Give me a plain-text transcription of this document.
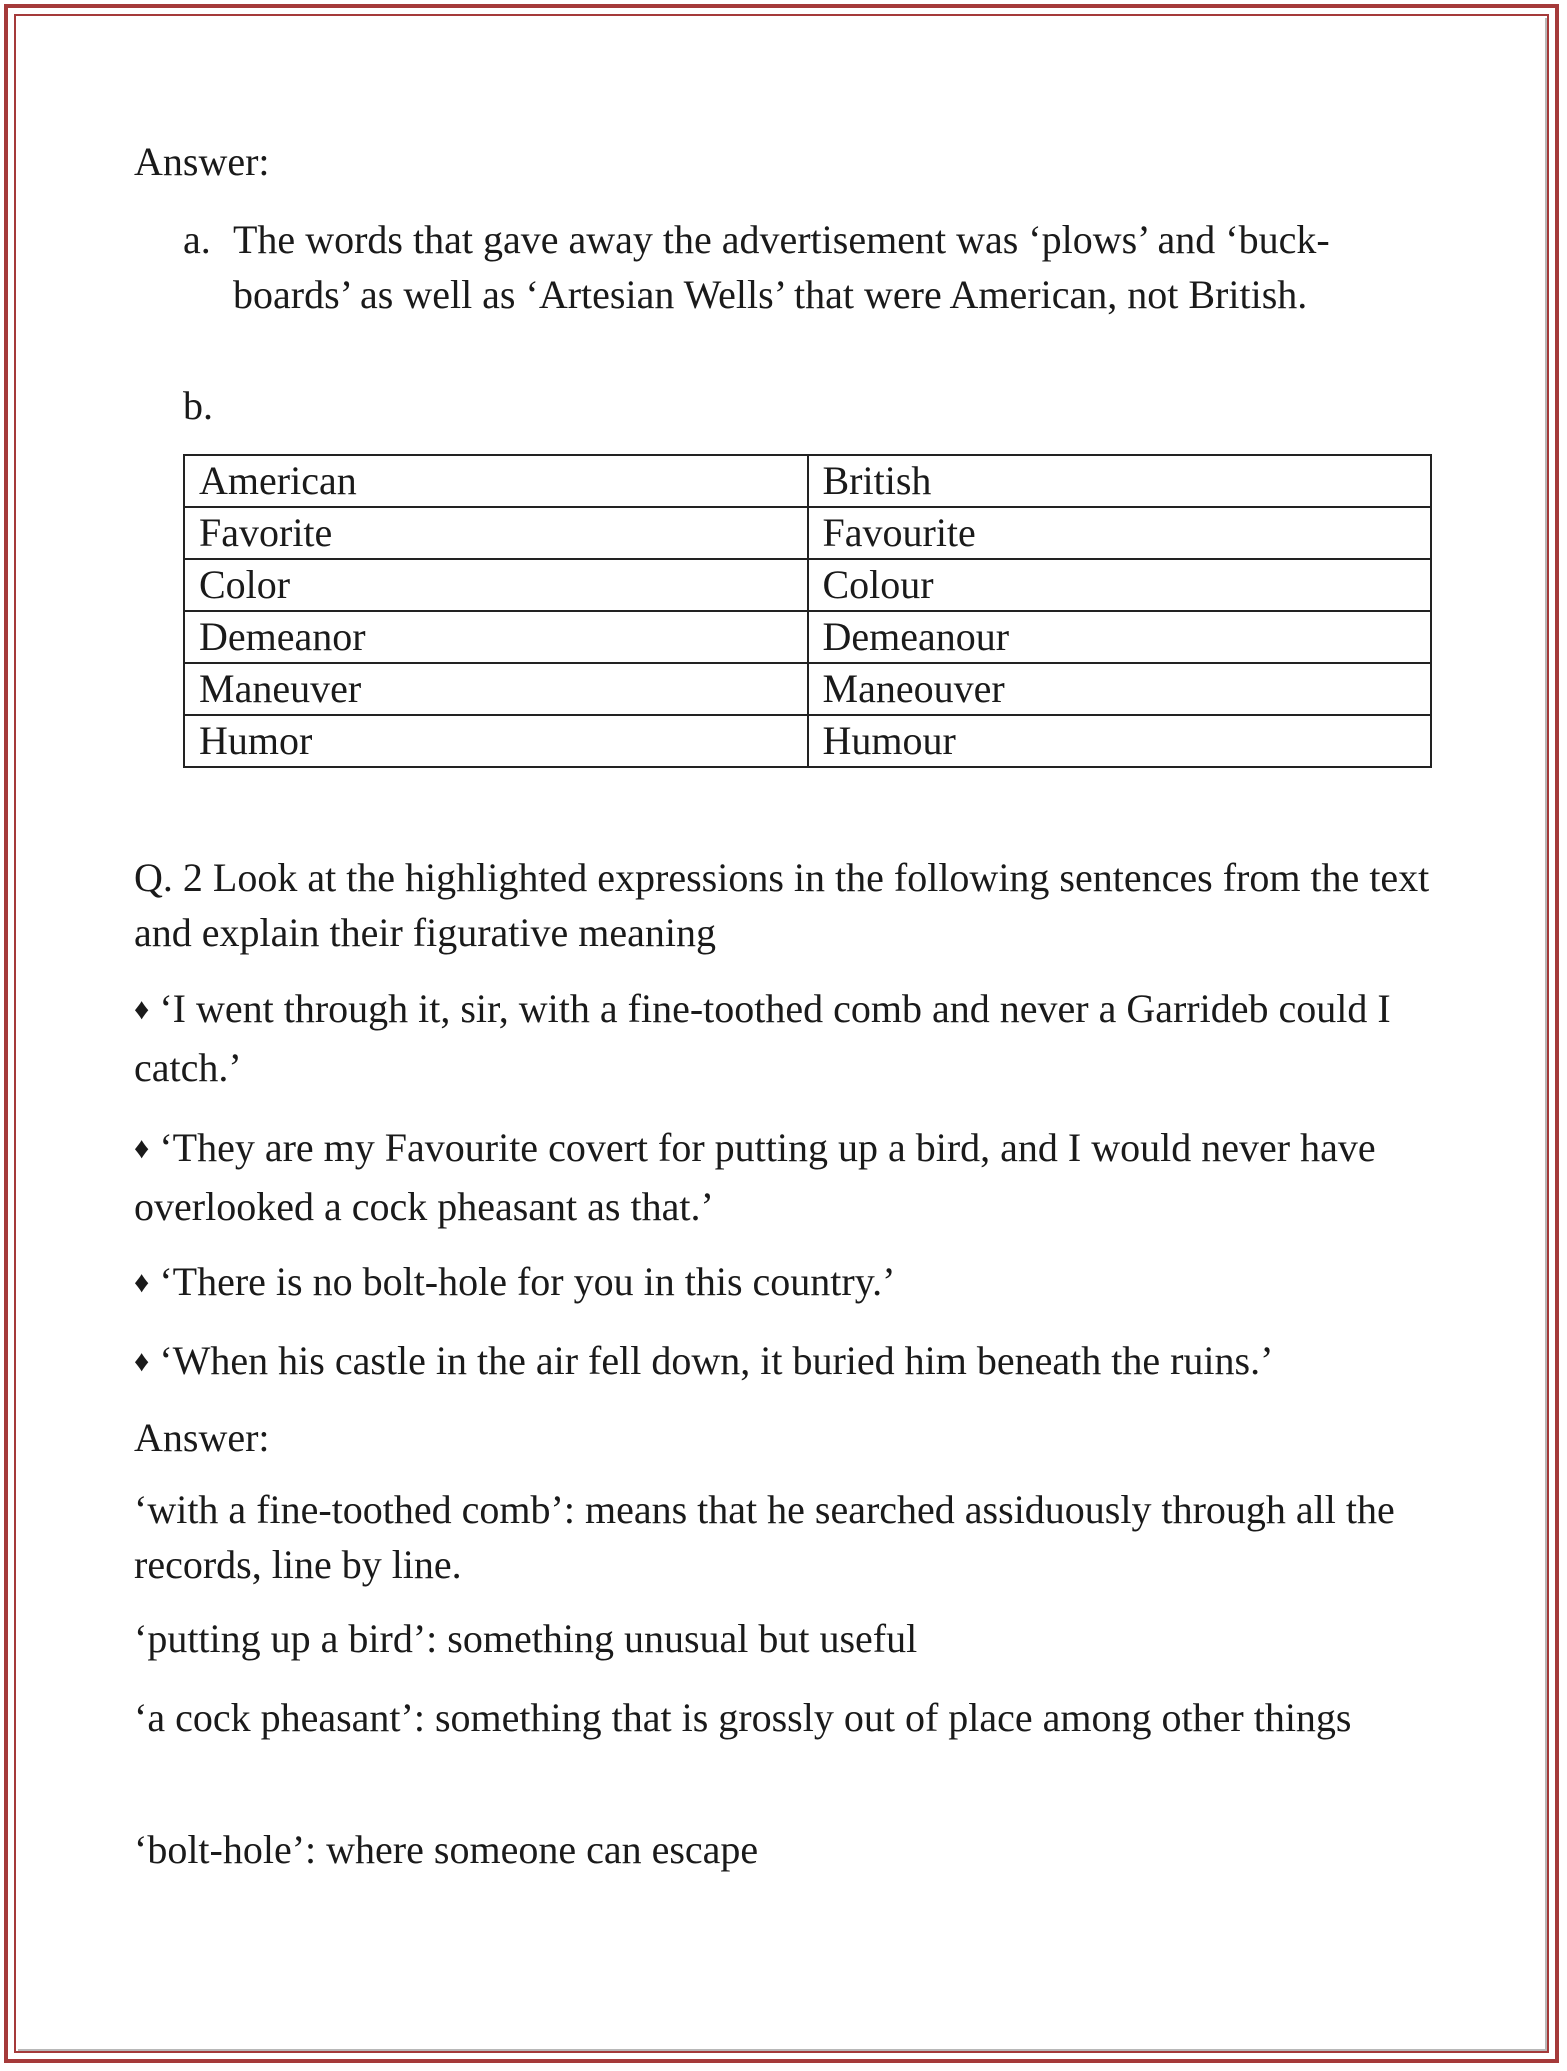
Answer:

a. The words that gave away the advertisement was ‘plows’ and ‘buck-boards’ as well as ‘Artesian Wells’ that were American, not British.
b.
American	British
Favorite	Favourite
Color	Colour
Demeanor	Demeanour
Maneuver	Maneouver
Humor	Humour

Q. 2 Look at the highlighted expressions in the following sentences from the text and explain their figurative meaning

♦ ‘I went through it, sir, with a fine-toothed comb and never a Garrideb could I catch.’

♦ ‘They are my Favourite covert for putting up a bird, and I would never have overlooked a cock pheasant as that.’

♦ ‘There is no bolt-hole for you in this country.’

♦ ‘When his castle in the air fell down, it buried him beneath the ruins.’

Answer:

‘with a fine-toothed comb’: means that he searched assiduously through all the records, line by line.

‘putting up a bird’: something unusual but useful

‘a cock pheasant’: something that is grossly out of place among other things

‘bolt-hole’: where someone can escape
